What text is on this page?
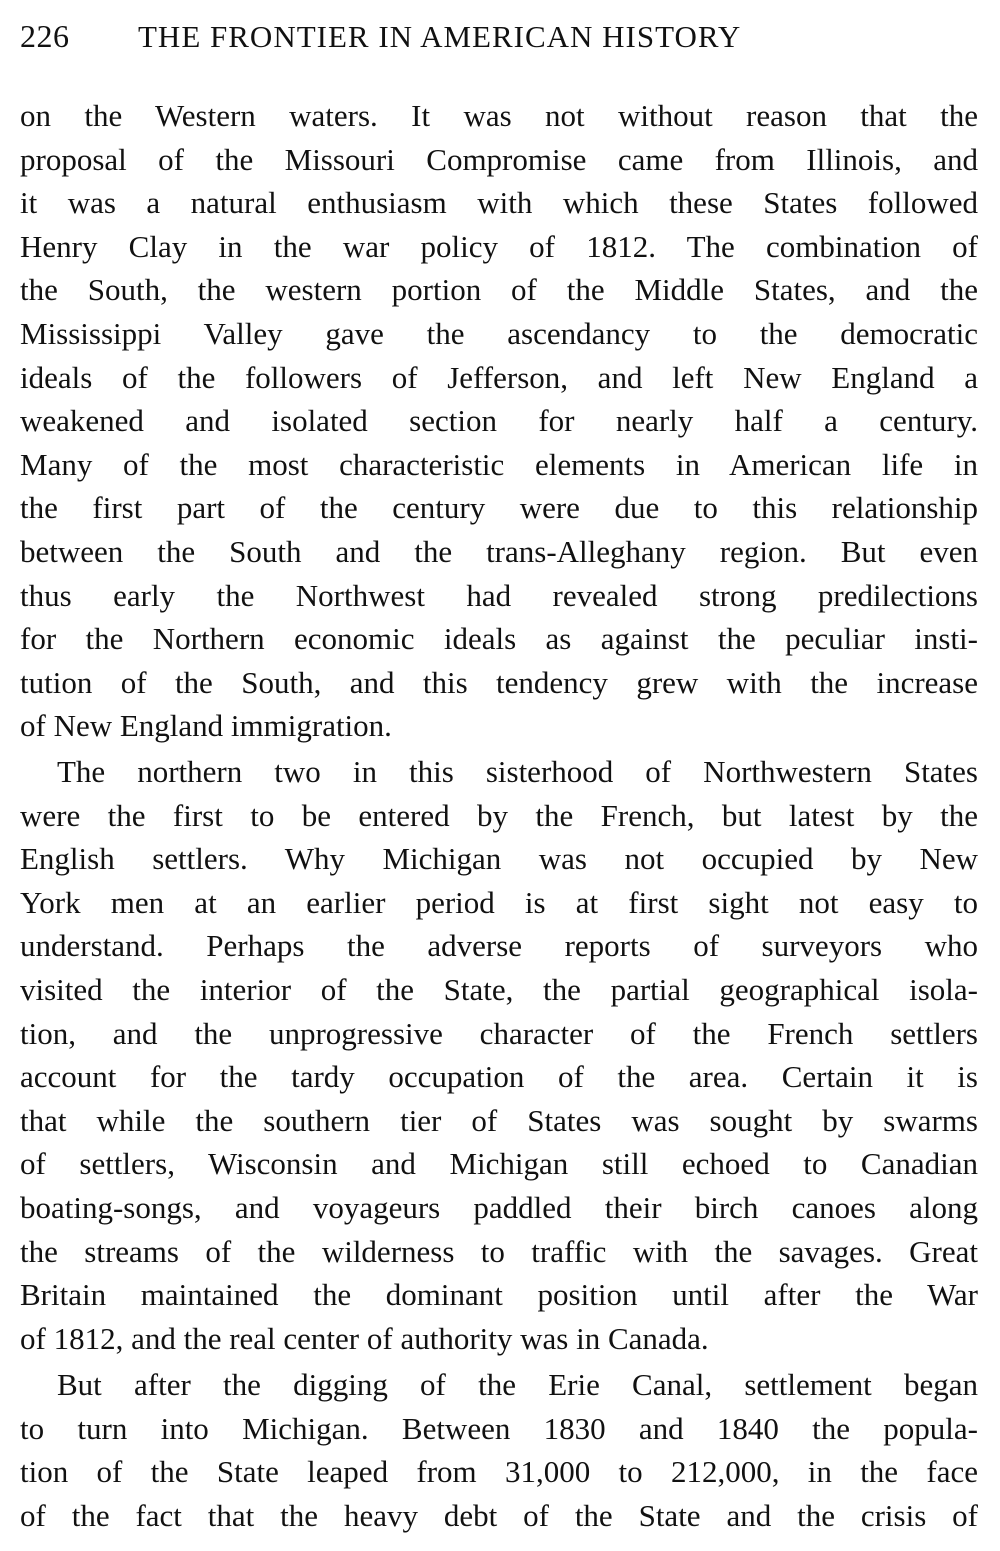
226 THE FRONTIER IN AMERICAN HISTORY
on the Western waters. It was not without reason that the
proposal of the Missouri Compromise came from Illinois, and
it was a natural enthusiasm with which these States followed
Henry Clay in the war policy of 1812. The combination of
the South, the western portion of the Middle States, and the
Mississippi Valley gave the ascendancy to the democratic
ideals of the followers of Jefferson, and left New England a
weakened and isolated section for nearly half a century.
Many of the most characteristic elements in American life in
the first part of the century were due to this relationship
between the South and the trans-Alleghany region. But even
thus early the Northwest had revealed strong predilections
for the Northern economic ideals as against the peculiar insti-
tution of the South, and this tendency grew with the increase
of New England immigration.
The northern two in this sisterhood of Northwestern States
were the first to be entered by the French, but latest by the
English settlers. Why Michigan was not occupied by New
York men at an earlier period is at first sight not easy to
understand. Perhaps the adverse reports of surveyors who
visited the interior of the State, the partial geographical isola-
tion, and the unprogressive character of the French settlers
account for the tardy occupation of the area. Certain it is
that while the southern tier of States was sought by swarms
of settlers, Wisconsin and Michigan still echoed to Canadian
boating-songs, and voyageurs paddled their birch canoes along
the streams of the wilderness to traffic with the savages. Great
Britain maintained the dominant position until after the War
of 1812, and the real center of authority was in Canada.
But after the digging of the Erie Canal, settlement began
to turn into Michigan. Between 1830 and 1840 the popula-
tion of the State leaped from 31,000 to 212,000, in the face
of the fact that the heavy debt of the State and the crisis of
